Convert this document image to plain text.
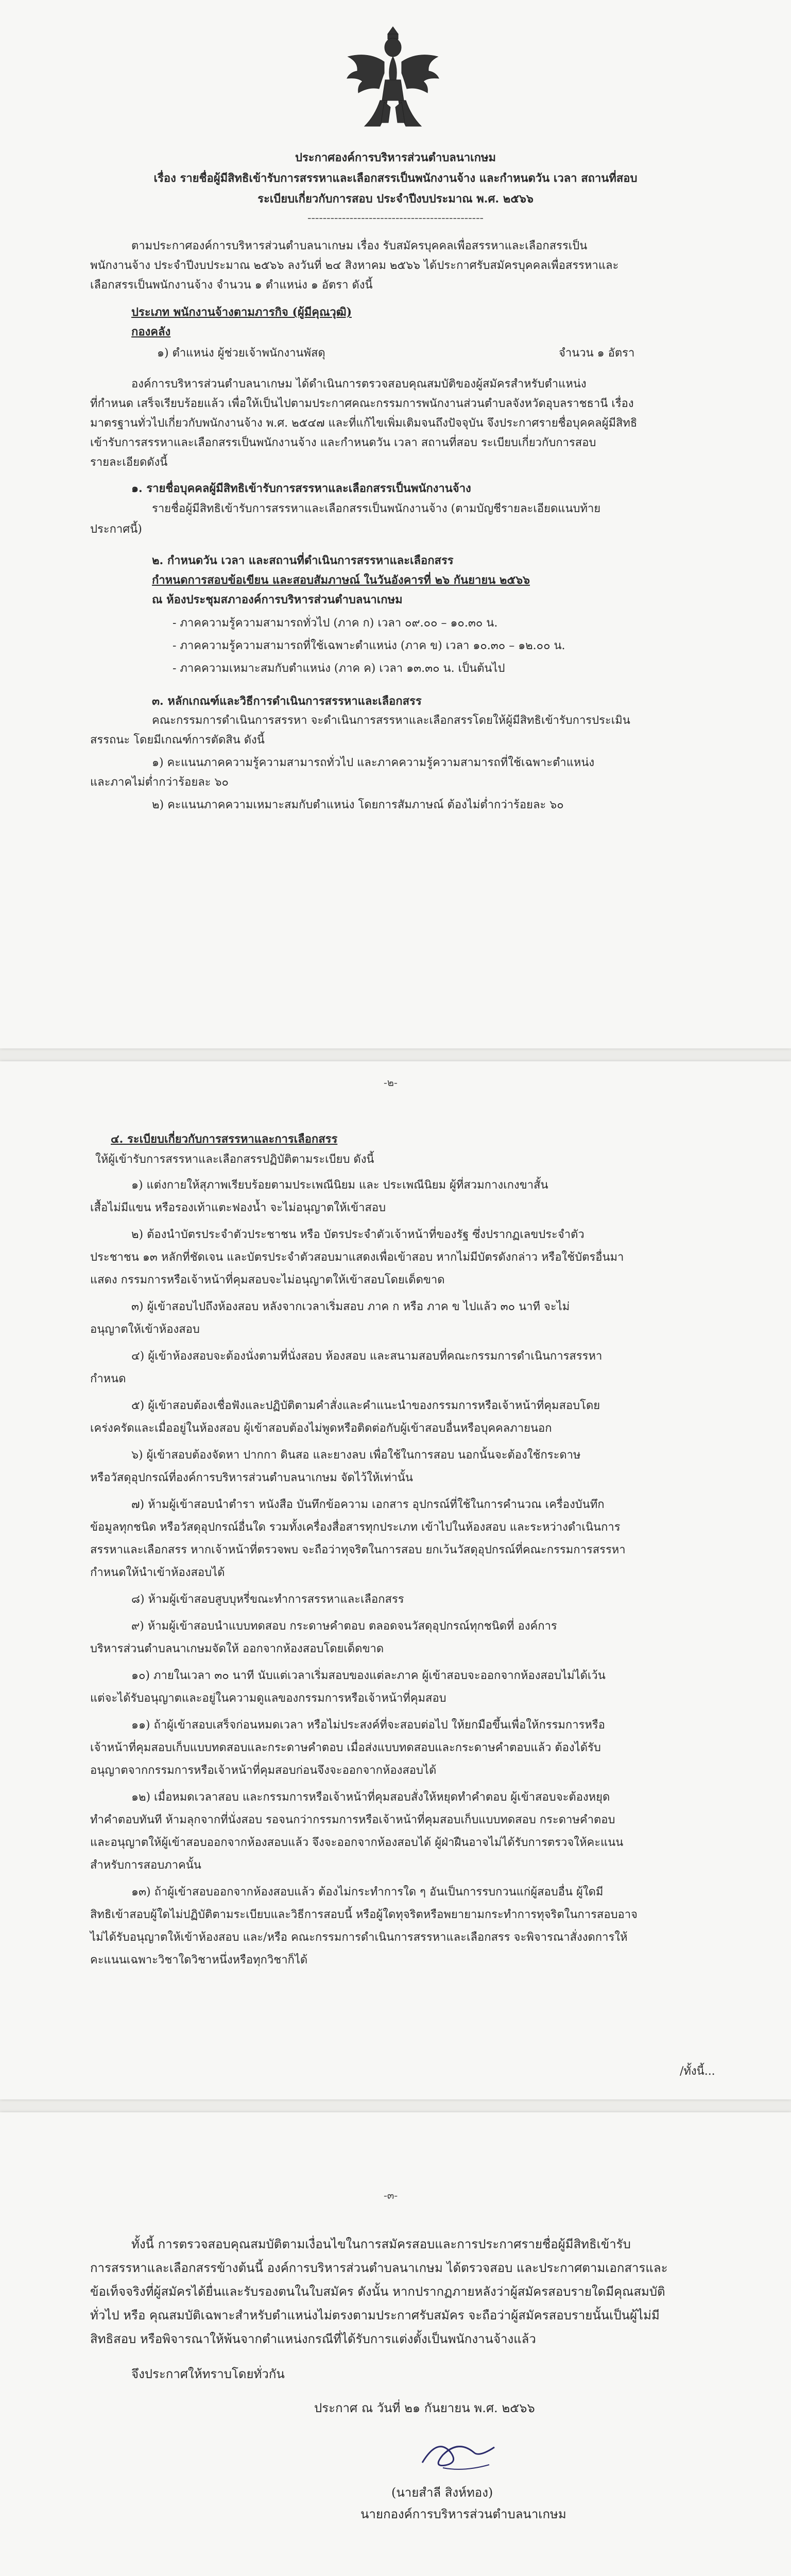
ประกาศองค์การบริหารส่วนตำบลนาเกษม
เรื่อง รายชื่อผู้มีสิทธิเข้ารับการสรรหาและเลือกสรรเป็นพนักงานจ้าง และกำหนดวัน เวลา สถานที่สอบ
ระเบียบเกี่ยวกับการสอบ ประจำปีงบประมาณ พ.ศ. ๒๕๖๖
----------------------------------------------
ตามประกาศองค์การบริหารส่วนตำบลนาเกษม เรื่อง รับสมัครบุคคลเพื่อสรรหาและเลือกสรรเป็น
พนักงานจ้าง ประจำปีงบประมาณ ๒๕๖๖ ลงวันที่ ๒๔ สิงหาคม ๒๕๖๖ ได้ประกาศรับสมัครบุคคลเพื่อสรรหาและ
เลือกสรรเป็นพนักงานจ้าง จำนวน ๑ ตำแหน่ง ๑ อัตรา ดังนี้
ประเภท พนักงานจ้างตามภารกิจ (ผู้มีคุณวุฒิ)
กองคลัง
๑) ตำแหน่ง ผู้ช่วยเจ้าพนักงานพัสดุ	จำนวน ๑ อัตรา
องค์การบริหารส่วนตำบลนาเกษม ได้ดำเนินการตรวจสอบคุณสมบัติของผู้สมัครสำหรับตำแหน่ง
ที่กำหนด เสร็จเรียบร้อยแล้ว เพื่อให้เป็นไปตามประกาศคณะกรรมการพนักงานส่วนตำบลจังหวัดอุบลราชธานี เรื่อง
มาตรฐานทั่วไปเกี่ยวกับพนักงานจ้าง พ.ศ. ๒๕๔๗ และที่แก้ไขเพิ่มเติมจนถึงปัจจุบัน จึงประกาศรายชื่อบุคคลผู้มีสิทธิ
เข้ารับการสรรหาและเลือกสรรเป็นพนักงานจ้าง และกำหนดวัน เวลา สถานที่สอบ ระเบียบเกี่ยวกับการสอบ
รายละเอียดดังนี้
๑. รายชื่อบุคคลผู้มีสิทธิเข้ารับการสรรหาและเลือกสรรเป็นพนักงานจ้าง
รายชื่อผู้มีสิทธิเข้ารับการสรรหาและเลือกสรรเป็นพนักงานจ้าง (ตามบัญชีรายละเอียดแนบท้าย
ประกาศนี้)
๒. กำหนดวัน เวลา และสถานที่ดำเนินการสรรหาและเลือกสรร
กำหนดการสอบข้อเขียน และสอบสัมภาษณ์ ในวันอังคารที่ ๒๖ กันยายน ๒๕๖๖
ณ ห้องประชุมสภาองค์การบริหารส่วนตำบลนาเกษม
- ภาคความรู้ความสามารถทั่วไป (ภาค ก) เวลา ๐๙.๐๐ – ๑๐.๓๐ น.
- ภาคความรู้ความสามารถที่ใช้เฉพาะตำแหน่ง (ภาค ข) เวลา ๑๐.๓๐ – ๑๒.๐๐ น.
- ภาคความเหมาะสมกับตำแหน่ง (ภาค ค) เวลา ๑๓.๓๐ น. เป็นต้นไป
๓. หลักเกณฑ์และวิธีการดำเนินการสรรหาและเลือกสรร
คณะกรรมการดำเนินการสรรหา จะดำเนินการสรรหาและเลือกสรรโดยให้ผู้มีสิทธิเข้ารับการประเมิน
สรรถนะ โดยมีเกณฑ์การตัดสิน ดังนี้
๑) คะแนนภาคความรู้ความสามารถทั่วไป และภาคความรู้ความสามารถที่ใช้เฉพาะตำแหน่ง
และภาคไม่ต่ำกว่าร้อยละ ๖๐
๒) คะแนนภาคความเหมาะสมกับตำแหน่ง โดยการสัมภาษณ์ ต้องไม่ต่ำกว่าร้อยละ ๖๐
-๒-
๔. ระเบียบเกี่ยวกับการสรรหาและการเลือกสรร
ให้ผู้เข้ารับการสรรหาและเลือกสรรปฏิบัติตามระเบียบ ดังนี้
๑) แต่งกายให้สุภาพเรียบร้อยตามประเพณีนิยม และ ประเพณีนิยม ผู้ที่สวมกางเกงขาสั้น
เสื้อไม่มีแขน หรือรองเท้าแตะฟองน้ำ จะไม่อนุญาตให้เข้าสอบ
๒) ต้องนำบัตรประจำตัวประชาชน หรือ บัตรประจำตัวเจ้าหน้าที่ของรัฐ ซึ่งปรากฏเลขประจำตัว
ประชาชน ๑๓ หลักที่ชัดเจน และบัตรประจำตัวสอบมาแสดงเพื่อเข้าสอบ หากไม่มีบัตรดังกล่าว หรือใช้บัตรอื่นมา
แสดง กรรมการหรือเจ้าหน้าที่คุมสอบจะไม่อนุญาตให้เข้าสอบโดยเด็ดขาด
๓) ผู้เข้าสอบไปถึงห้องสอบ หลังจากเวลาเริ่มสอบ ภาค ก หรือ ภาค ข ไปแล้ว ๓๐ นาที จะไม่
อนุญาตให้เข้าห้องสอบ
๔) ผู้เข้าห้องสอบจะต้องนั่งตามที่นั่งสอบ ห้องสอบ และสนามสอบที่คณะกรรมการดำเนินการสรรหา
กำหนด
๕) ผู้เข้าสอบต้องเชื่อฟังและปฏิบัติตามคำสั่งและคำแนะนำของกรรมการหรือเจ้าหน้าที่คุมสอบโดย
เคร่งครัดและเมื่ออยู่ในห้องสอบ ผู้เข้าสอบต้องไม่พูดหรือติดต่อกับผู้เข้าสอบอื่นหรือบุคคลภายนอก
๖) ผู้เข้าสอบต้องจัดหา ปากกา ดินสอ และยางลบ เพื่อใช้ในการสอบ นอกนั้นจะต้องใช้กระดาษ
หรือวัสดุอุปกรณ์ที่องค์การบริหารส่วนตำบลนาเกษม จัดไว้ให้เท่านั้น
๗) ห้ามผู้เข้าสอบนำตำรา หนังสือ บันทึกข้อความ เอกสาร อุปกรณ์ที่ใช้ในการคำนวณ เครื่องบันทึก
ข้อมูลทุกชนิด หรือวัสดุอุปกรณ์อื่นใด รวมทั้งเครื่องสื่อสารทุกประเภท เข้าไปในห้องสอบ และระหว่างดำเนินการ
สรรหาและเลือกสรร หากเจ้าหน้าที่ตรวจพบ จะถือว่าทุจริตในการสอบ ยกเว้นวัสดุอุปกรณ์ที่คณะกรรมการสรรหา
กำหนดให้นำเข้าห้องสอบได้
๘) ห้ามผู้เข้าสอบสูบบุหรี่ขณะทำการสรรหาและเลือกสรร
๙) ห้ามผู้เข้าสอบนำแบบทดสอบ กระดาษคำตอบ ตลอดจนวัสดุอุปกรณ์ทุกชนิดที่ องค์การ
บริหารส่วนตำบลนาเกษมจัดให้ ออกจากห้องสอบโดยเด็ดขาด
๑๐) ภายในเวลา ๓๐ นาที นับแต่เวลาเริ่มสอบของแต่ละภาค ผู้เข้าสอบจะออกจากห้องสอบไม่ได้เว้น
แต่จะได้รับอนุญาตและอยู่ในความดูแลของกรรมการหรือเจ้าหน้าที่คุมสอบ
๑๑) ถ้าผู้เข้าสอบเสร็จก่อนหมดเวลา หรือไม่ประสงค์ที่จะสอบต่อไป ให้ยกมือขึ้นเพื่อให้กรรมการหรือ
เจ้าหน้าที่คุมสอบเก็บแบบทดสอบและกระดาษคำตอบ เมื่อส่งแบบทดสอบและกระดาษคำตอบแล้ว ต้องได้รับ
อนุญาตจากกรรมการหรือเจ้าหน้าที่คุมสอบก่อนจึงจะออกจากห้องสอบได้
๑๒) เมื่อหมดเวลาสอบ และกรรมการหรือเจ้าหน้าที่คุมสอบสั่งให้หยุดทำคำตอบ ผู้เข้าสอบจะต้องหยุด
ทำคำตอบทันที ห้ามลุกจากที่นั่งสอบ รอจนกว่ากรรมการหรือเจ้าหน้าที่คุมสอบเก็บแบบทดสอบ กระดาษคำตอบ
และอนุญาตให้ผู้เข้าสอบออกจากห้องสอบแล้ว จึงจะออกจากห้องสอบได้ ผู้ฝ่าฝืนอาจไม่ได้รับการตรวจให้คะแนน
สำหรับการสอบภาคนั้น
๑๓) ถ้าผู้เข้าสอบออกจากห้องสอบแล้ว ต้องไม่กระทำการใด ๆ อันเป็นการรบกวนแก่ผู้สอบอื่น ผู้ใดมี
สิทธิเข้าสอบผู้ใดไม่ปฏิบัติตามระเบียบและวิธีการสอบนี้ หรือผู้ใดทุจริตหรือพยายามกระทำการทุจริตในการสอบอาจ
ไม่ได้รับอนุญาตให้เข้าห้องสอบ และ/หรือ คณะกรรมการดำเนินการสรรหาและเลือกสรร จะพิจารณาสั่งงดการให้
คะแนนเฉพาะวิชาใดวิชาหนึ่งหรือทุกวิชาก็ได้
/ทั้งนี้...
-๓-
ทั้งนี้ การตรวจสอบคุณสมบัติตามเงื่อนไขในการสมัครสอบและการประกาศรายชื่อผู้มีสิทธิเข้ารับ
การสรรหาและเลือกสรรข้างต้นนี้ องค์การบริหารส่วนตำบลนาเกษม ได้ตรวจสอบ และประกาศตามเอกสารและ
ข้อเท็จจริงที่ผู้สมัครได้ยื่นและรับรองตนในใบสมัคร ดังนั้น หากปรากฏภายหลังว่าผู้สมัครสอบรายใดมีคุณสมบัติ
ทั่วไป หรือ คุณสมบัติเฉพาะสำหรับตำแหน่งไม่ตรงตามประกาศรับสมัคร จะถือว่าผู้สมัครสอบรายนั้นเป็นผู้ไม่มี
สิทธิสอบ หรือพิจารณาให้พ้นจากตำแหน่งกรณีที่ได้รับการแต่งตั้งเป็นพนักงานจ้างแล้ว
จึงประกาศให้ทราบโดยทั่วกัน
ประกาศ ณ วันที่ ๒๑ กันยายน พ.ศ. ๒๕๖๖
(นายสำลี สิงห์ทอง)
นายกองค์การบริหารส่วนตำบลนาเกษม
